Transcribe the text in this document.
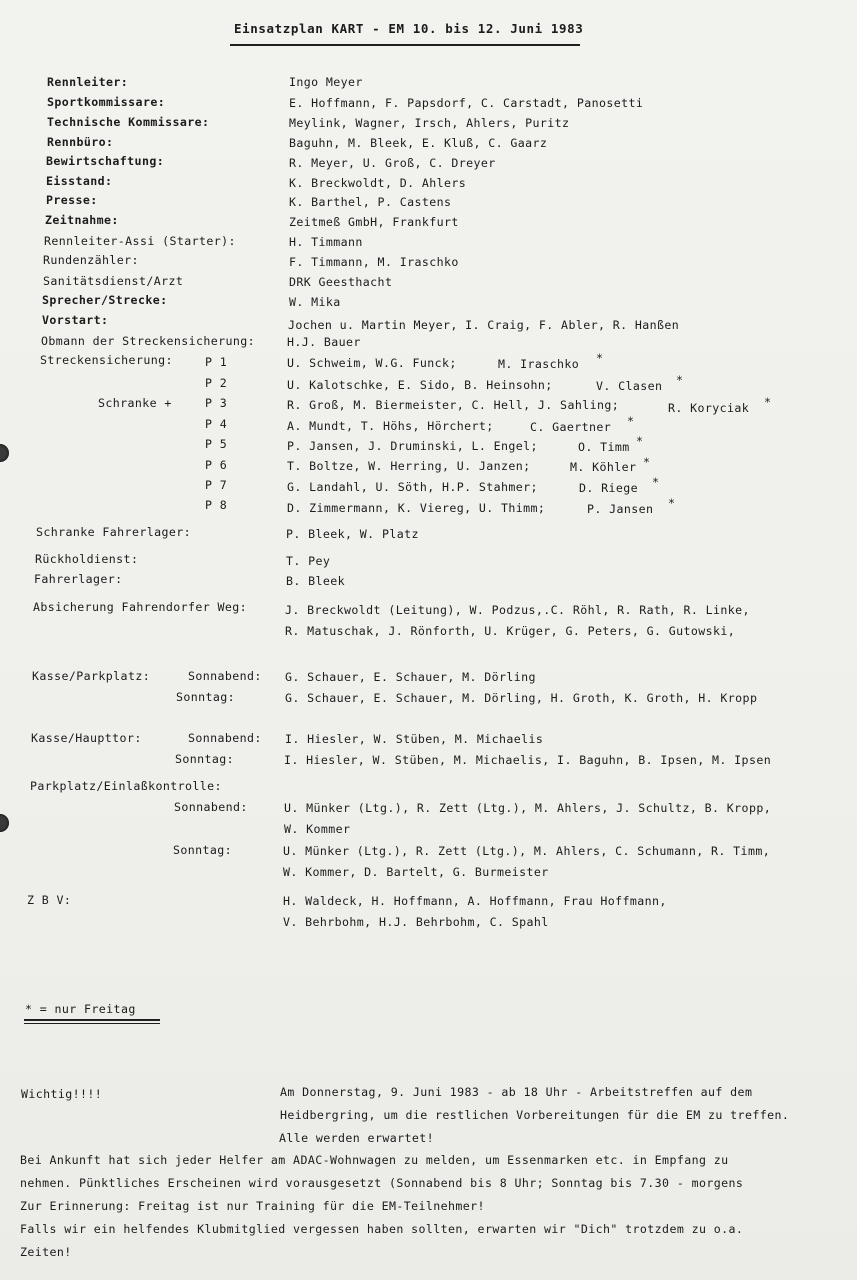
Einsatzplan KART - EM 10. bis 12. Juni 1983
Rennleiter:	Ingo Meyer
Sportkommissare:	E. Hoffmann, F. Papsdorf, C. Carstadt, Panosetti
Technische Kommissare:	Meylink, Wagner, Irsch, Ahlers, Puritz
Rennbüro:	Baguhn, M. Bleek, E. Kluß, C. Gaarz
Bewirtschaftung:	R. Meyer, U. Groß, C. Dreyer
Eisstand:	K. Breckwoldt, D. Ahlers
Presse:	K. Barthel, P. Castens
Zeitnahme:	Zeitmeß GmbH, Frankfurt
Rennleiter-Assi (Starter):	H. Timmann
Rundenzähler:	F. Timmann, M. Iraschko
Sanitätsdienst/Arzt	DRK Geesthacht
Sprecher/Strecke:	W. Mika
Vorstart:	Jochen u. Martin Meyer, I. Craig, F. Abler, R. Hanßen
Obmann der Streckensicherung:	H.J. Bauer
Streckensicherung:
Schranke +
P 1	U. Schweim, W.G. Funck;	M. Iraschko *
P 2	U. Kalotschke, E. Sido, B. Heinsohn;	V. Clasen *
P 3	R. Groß, M. Biermeister, C. Hell, J. Sahling;	R. Koryciak *
P 4	A. Mundt, T. Höhs, Hörchert;	C. Gaertner *
P 5	P. Jansen, J. Druminski, L. Engel;	O. Timm *
P 6	T. Boltze, W. Herring, U. Janzen;	M. Köhler *
P 7	G. Landahl, U. Söth, H.P. Stahmer;	D. Riege *
P 8	D. Zimmermann, K. Viereg, U. Thimm;	P. Jansen *
Schranke Fahrerlager:	P. Bleek, W. Platz
Rückholdienst:	T. Pey
Fahrerlager:	B. Bleek
Absicherung Fahrendorfer Weg:	J. Breckwoldt (Leitung), W. Podzus,.C. Röhl, R. Rath, R. Linke,
R. Matuschak, J. Rönforth, U. Krüger, G. Peters, G. Gutowski,
Kasse/Parkplatz:	Sonnabend: G. Schauer, E. Schauer, M. Dörling
Sonntag:	G. Schauer, E. Schauer, M. Dörling, H. Groth, K. Groth, H. Kropp
Kasse/Haupttor:	Sonnabend: I. Hiesler, W. Stüben, M. Michaelis
Sonntag:	I. Hiesler, W. Stüben, M. Michaelis, I. Baguhn, B. Ipsen, M. Ipsen
Parkplatz/Einlaßkontrolle:
Sonnabend:	U. Münker (Ltg.), R. Zett (Ltg.), M. Ahlers, J. Schultz, B. Kropp,
W. Kommer
Sonntag:	U. Münker (Ltg.), R. Zett (Ltg.), M. Ahlers, C. Schumann, R. Timm,
W. Kommer, D. Bartelt, G. Burmeister
Z B V:	H. Waldeck, H. Hoffmann, A. Hoffmann, Frau Hoffmann,
V. Behrbohm, H.J. Behrbohm, C. Spahl
* = nur Freitag
Wichtig!!!!	Am Donnerstag, 9. Juni 1983 - ab 18 Uhr - Arbeitstreffen auf dem
Heidbergring, um die restlichen Vorbereitungen für die EM zu treffen.
Alle werden erwartet!
Bei Ankunft hat sich jeder Helfer am ADAC-Wohnwagen zu melden, um Essenmarken etc. in Empfang zu
nehmen. Pünktliches Erscheinen wird vorausgesetzt (Sonnabend bis 8 Uhr; Sonntag bis 7.30 - morgens
Zur Erinnerung: Freitag ist nur Training für die EM-Teilnehmer!
Falls wir ein helfendes Klubmitglied vergessen haben sollten, erwarten wir "Dich" trotzdem zu o.a.
Zeiten!
